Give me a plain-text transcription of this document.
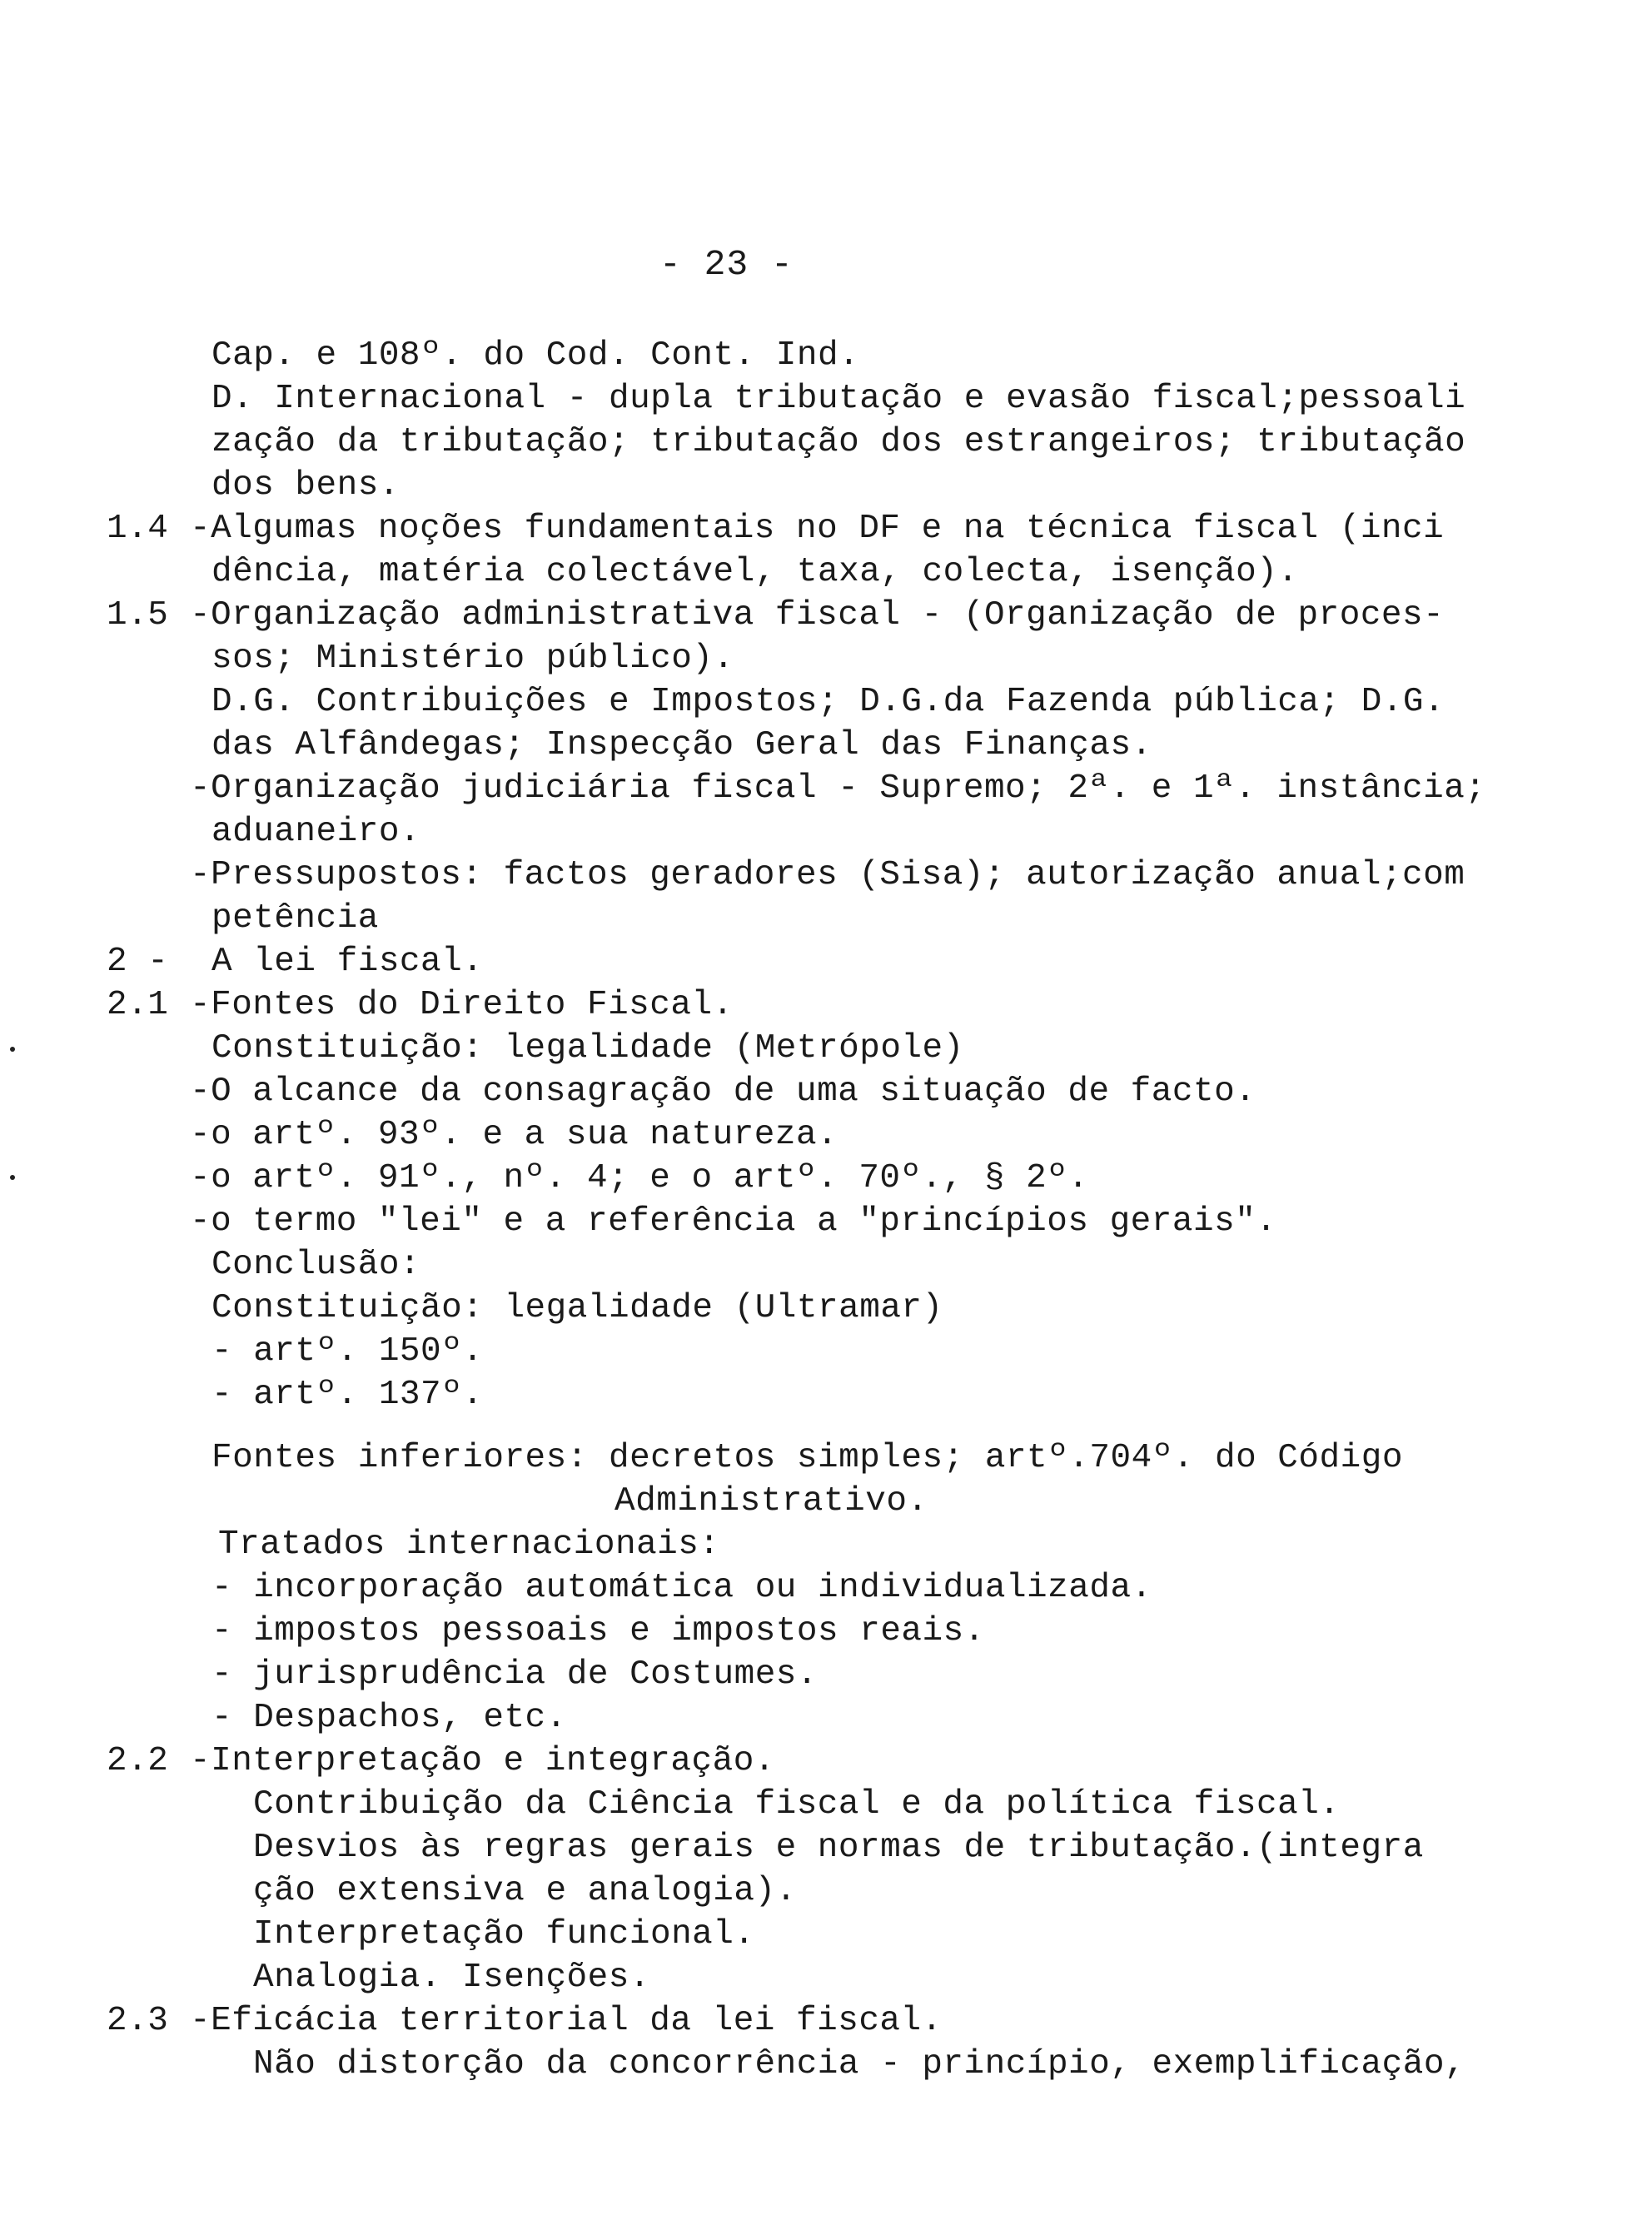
- 23 -
Cap. e 108º. do Cod. Cont. Ind.
D. Internacional - dupla tributação e evasão fiscal;pessoali
zação da tributação; tributação dos estrangeiros; tributação
dos bens.
1.4 -Algumas noções fundamentais no DF e na técnica fiscal (inci
dência, matéria colectável, taxa, colecta, isenção).
1.5 -Organização administrativa fiscal - (Organização de proces-
sos; Ministério público).
D.G. Contribuições e Impostos; D.G.da Fazenda pública; D.G.
das Alfândegas; Inspecção Geral das Finanças.
-Organização judiciária fiscal - Supremo; 2ª. e 1ª. instância;
aduaneiro.
-Pressupostos: factos geradores (Sisa); autorização anual;com
petência
2 - A lei fiscal.
2.1 -Fontes do Direito Fiscal.
Constituição: legalidade (Metrópole)
-O alcance da consagração de uma situação de facto.
-o artº. 93º. e a sua natureza.
-o artº. 91º., nº. 4; e o artº. 70º., § 2º.
-o termo "lei" e a referência a "princípios gerais".
Conclusão:
Constituição: legalidade (Ultramar)
- artº. 150º.
- artº. 137º.
Fontes inferiores: decretos simples; artº.704º. do Código
Administrativo.
Tratados internacionais:
- incorporação automática ou individualizada.
- impostos pessoais e impostos reais.
- jurisprudência de Costumes.
- Despachos, etc.
2.2 -Interpretação e integração.
Contribuição da Ciência fiscal e da política fiscal.
Desvios às regras gerais e normas de tributação.(integra
ção extensiva e analogia).
Interpretação funcional.
Analogia. Isenções.
2.3 -Eficácia territorial da lei fiscal.
Não distorção da concorrência - princípio, exemplificação,
